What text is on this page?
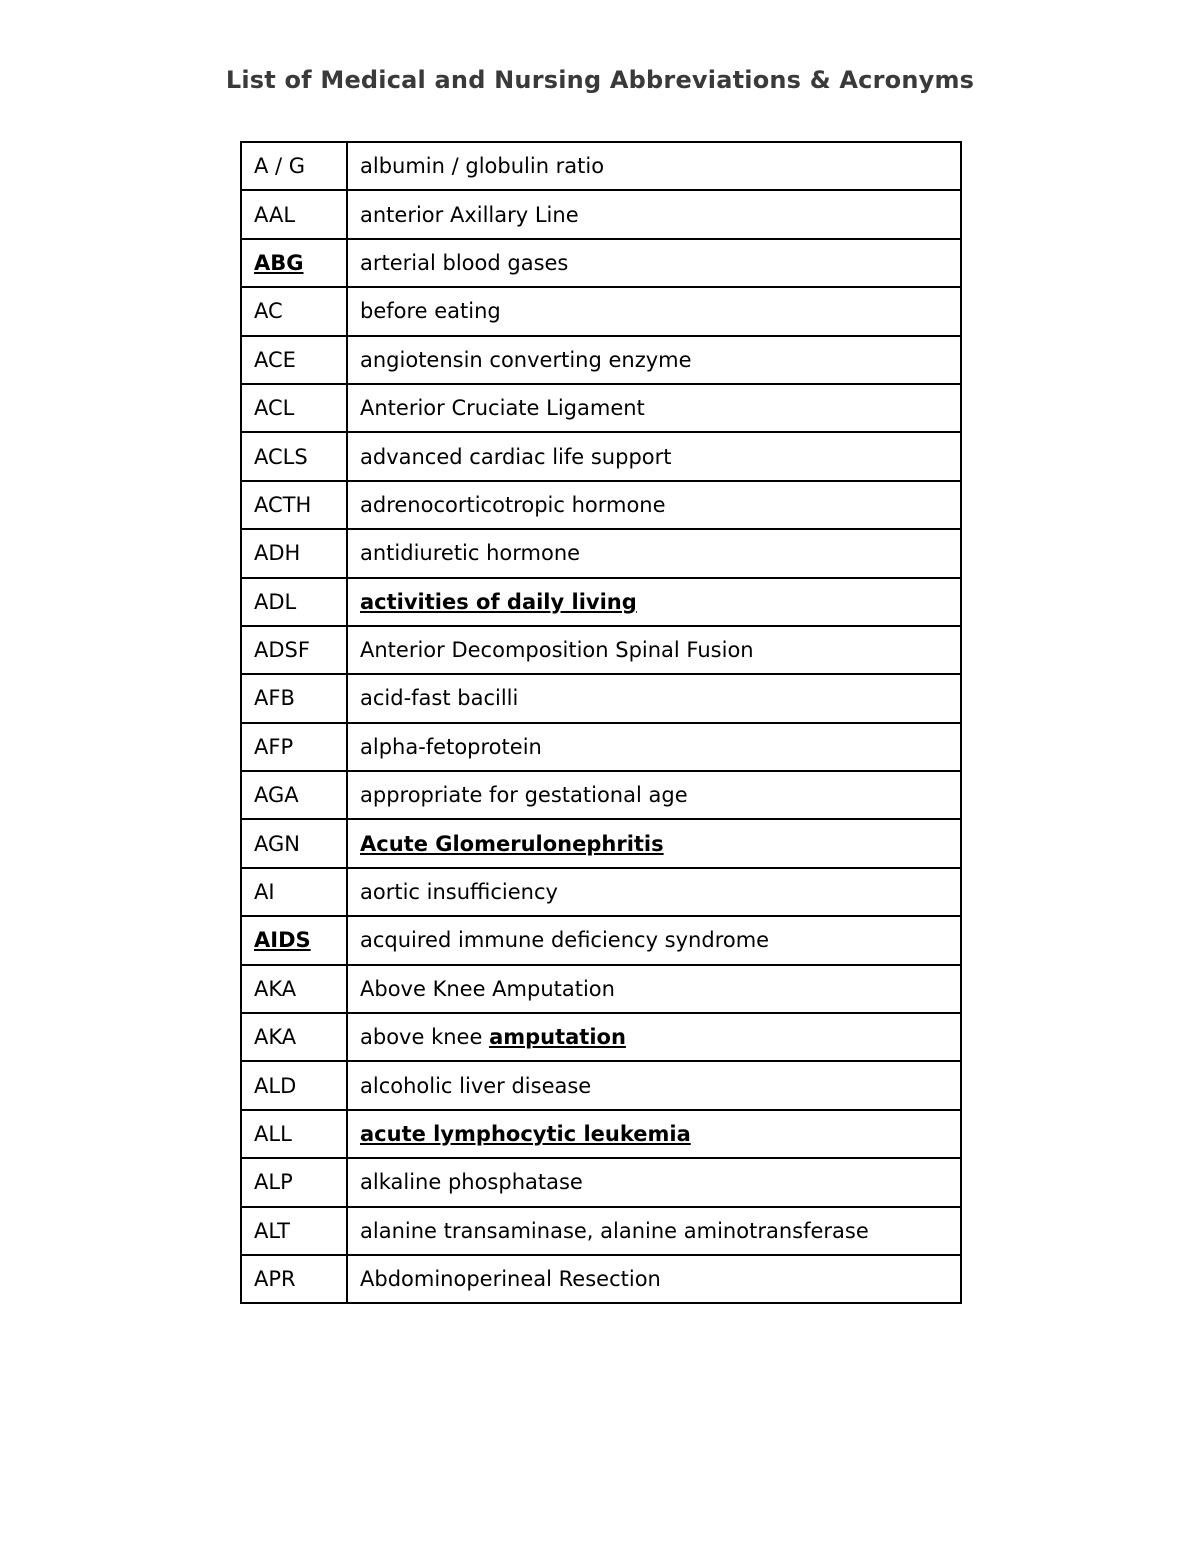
List of Medical and Nursing Abbreviations & Acronyms
A / G	albumin / globulin ratio
AAL	anterior Axillary Line
ABG	arterial blood gases
AC	before eating
ACE	angiotensin converting enzyme
ACL	Anterior Cruciate Ligament
ACLS	advanced cardiac life support
ACTH	adrenocorticotropic hormone
ADH	antidiuretic hormone
ADL	activities of daily living
ADSF	Anterior Decomposition Spinal Fusion
AFB	acid-fast bacilli
AFP	alpha-fetoprotein
AGA	appropriate for gestational age
AGN	Acute Glomerulonephritis
AI	aortic insufficiency
AIDS	acquired immune deficiency syndrome
AKA	Above Knee Amputation
AKA	above knee amputation
ALD	alcoholic liver disease
ALL	acute lymphocytic leukemia
ALP	alkaline phosphatase
ALT	alanine transaminase, alanine aminotransferase
APR	Abdominoperineal Resection
